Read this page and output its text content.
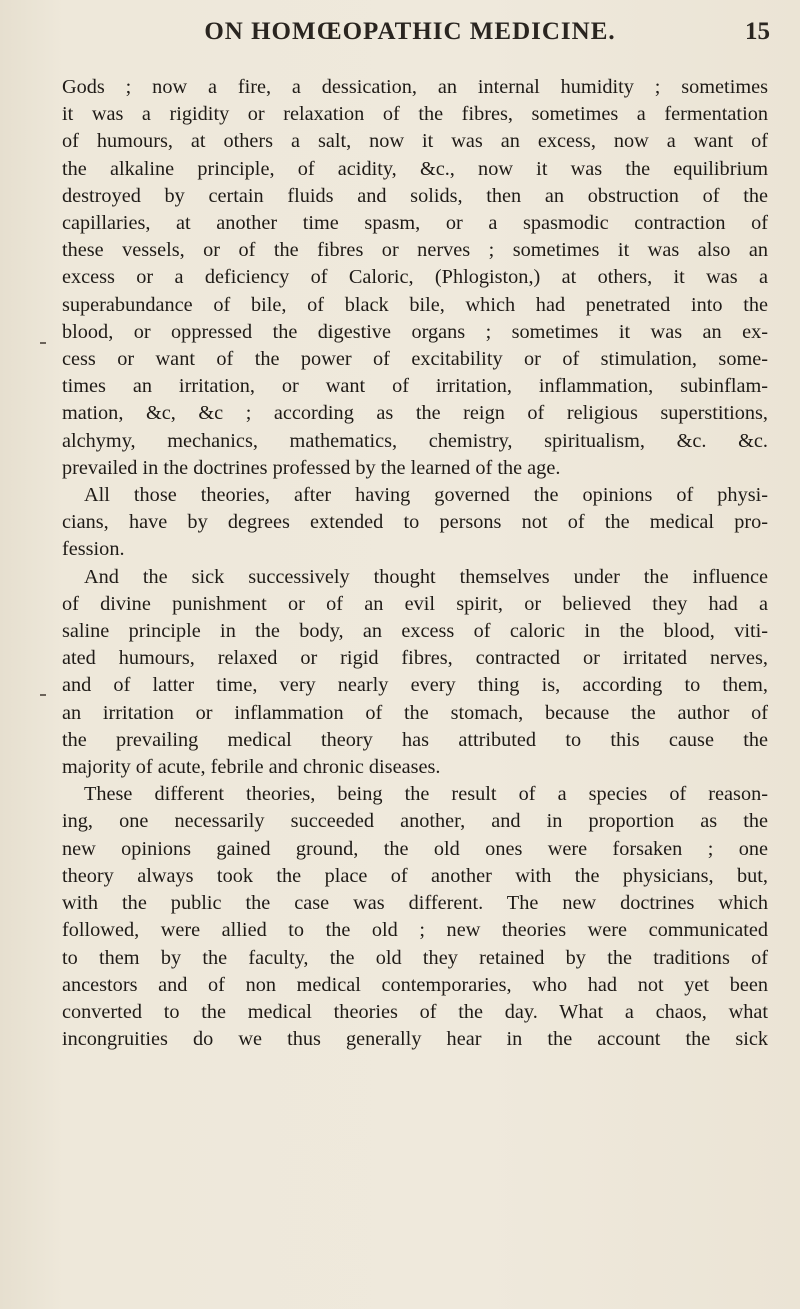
ON HOMŒOPATHIC MEDICINE.	15

Gods ; now a fire, a dessication, an internal humidity ; sometimes
it was a rigidity or relaxation of the fibres, sometimes a fermentation
of humours, at others a salt, now it was an excess, now a want of
the alkaline principle, of acidity, &c., now it was the equilibrium
destroyed by certain fluids and solids, then an obstruction of the
capillaries, at another time spasm, or a spasmodic contraction of
these vessels, or of the fibres or nerves ; sometimes it was also an
excess or a deficiency of Caloric, (Phlogiston,) at others, it was a
superabundance of bile, of black bile, which had penetrated into the
blood, or oppressed the digestive organs ; sometimes it was an ex-
cess or want of the power of excitability or of stimulation, some-
times an irritation, or want of irritation, inflammation, subinflam-
mation, &c, &c ; according as the reign of religious superstitions,
alchymy, mechanics, mathematics, chemistry, spiritualism, &c. &c.
prevailed in the doctrines professed by the learned of the age.

All those theories, after having governed the opinions of physi-
cians, have by degrees extended to persons not of the medical pro-
fession.

And the sick successively thought themselves under the influence
of divine punishment or of an evil spirit, or believed they had a
saline principle in the body, an excess of caloric in the blood, viti-
ated humours, relaxed or rigid fibres, contracted or irritated nerves,
and of latter time, very nearly every thing is, according to them,
an irritation or inflammation of the stomach, because the author of
the prevailing medical theory has attributed to this cause the
majority of acute, febrile and chronic diseases.

These different theories, being the result of a species of reason-
ing, one necessarily succeeded another, and in proportion as the
new opinions gained ground, the old ones were forsaken ; one
theory always took the place of another with the physicians, but,
with the public the case was different. The new doctrines which
followed, were allied to the old ; new theories were communicated
to them by the faculty, the old they retained by the traditions of
ancestors and of non medical contemporaries, who had not yet been
converted to the medical theories of the day. What a chaos, what
incongruities do we thus generally hear in the account the sick
